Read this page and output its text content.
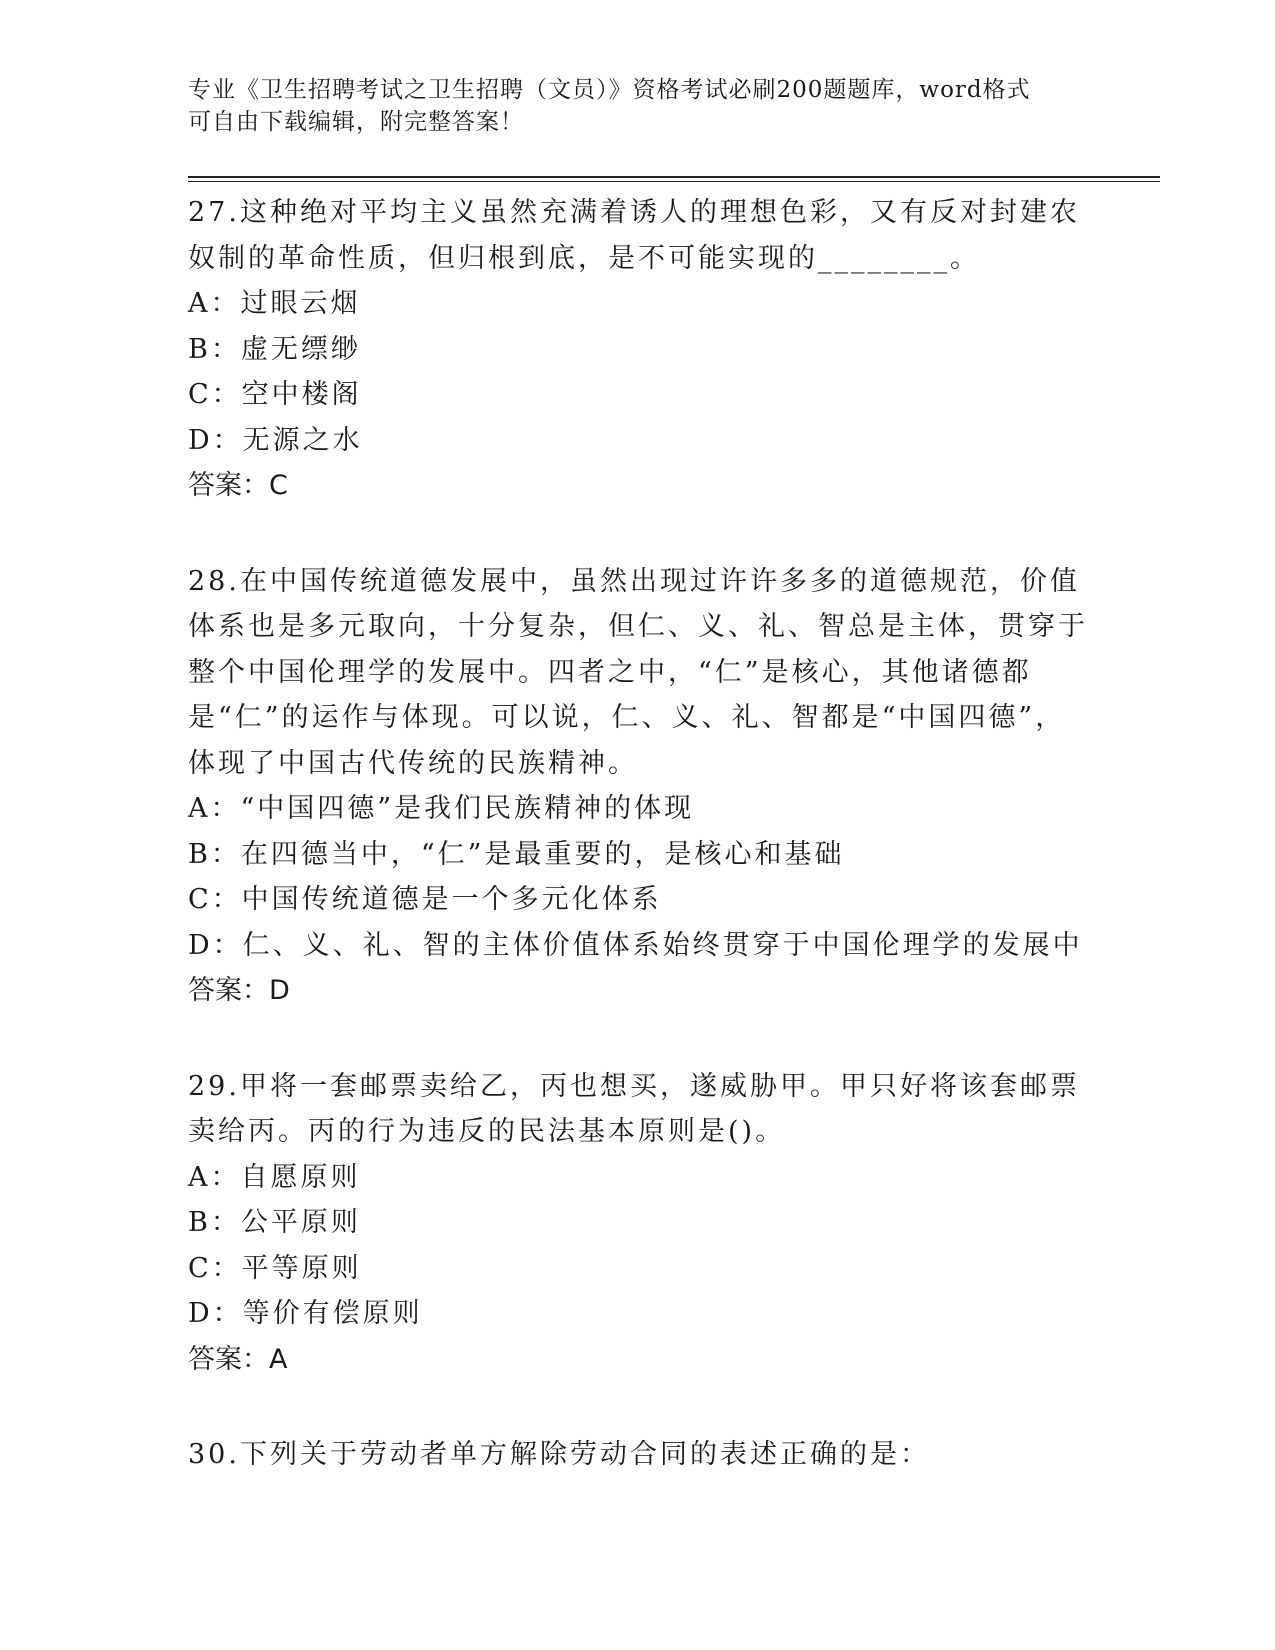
专业《卫生招聘考试之卫生招聘（文员）》资格考试必刷200题题库，word格式
可自由下载编辑，附完整答案！

27.这种绝对平均主义虽然充满着诱人的理想色彩，又有反对封建农奴制的革命性质，但归根到底，是不可能实现的________。

A：过眼云烟

B：虚无缥缈

C：空中楼阁

D：无源之水

答案：C

28.在中国传统道德发展中，虽然出现过许许多多的道德规范，价值体系也是多元取向，十分复杂，但仁、义、礼、智总是主体，贯穿于整个中国伦理学的发展中。四者之中，“仁”是核心，其他诸德都是“仁”的运作与体现。可以说，仁、义、礼、智都是“中国四德”，体现了中国古代传统的民族精神。

A：“中国四德”是我们民族精神的体现

B：在四德当中，“仁”是最重要的，是核心和基础

C：中国传统道德是一个多元化体系

D：仁、义、礼、智的主体价值体系始终贯穿于中国伦理学的发展中

答案：D

29.甲将一套邮票卖给乙，丙也想买，遂威胁甲。甲只好将该套邮票卖给丙。丙的行为违反的民法基本原则是()。

A：自愿原则

B：公平原则

C：平等原则

D：等价有偿原则

答案：A

30.下列关于劳动者单方解除劳动合同的表述正确的是：
